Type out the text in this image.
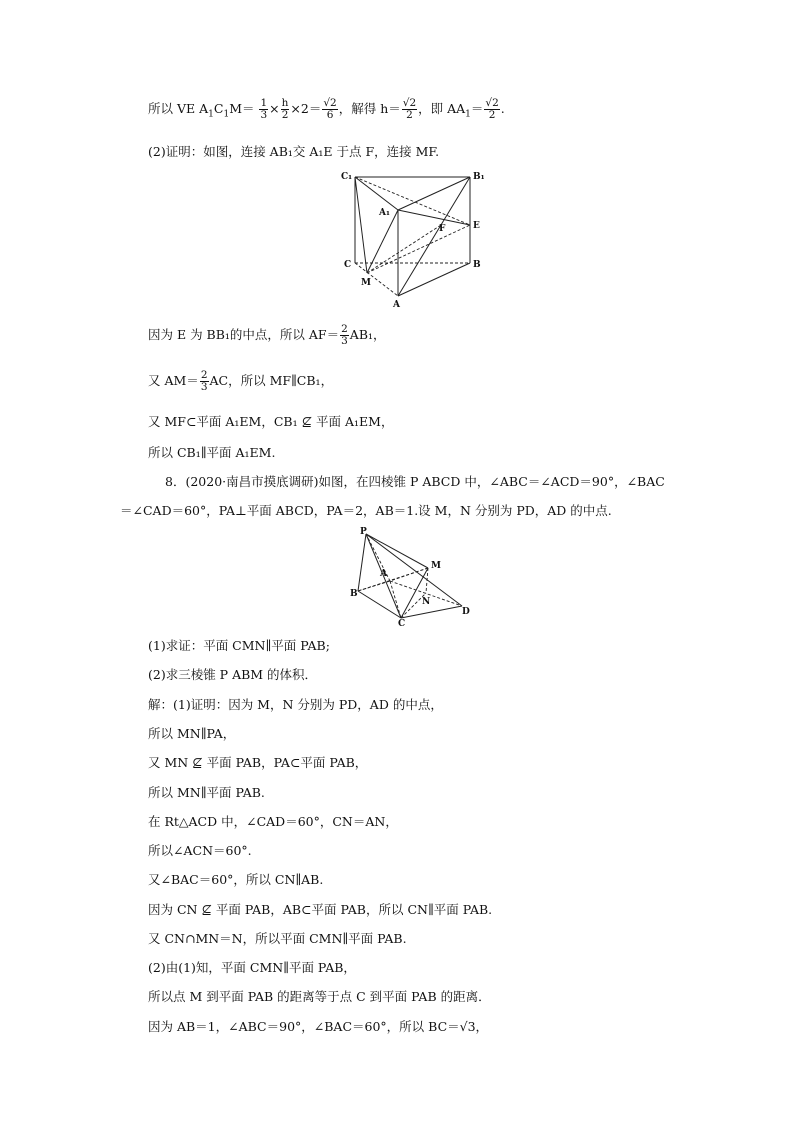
所以 VE $A_1C_1M= \frac{1}{3} \times \frac{h}{2} \times 2= \frac{√2}{6}$ ，解得 $h= \frac{√2}{2}$ ，即 $AA_1= \frac{√2}{2}$ .
(2)证明：如图，连接 AB₁交 A₁E 于点 F，连接 MF.
C₁	B₁
A₁
E
F
C	B
M
A
因为 E 为 BB₁的中点，所以 $AF= \frac{2}{3} AB_1$，
又 $AM= \frac{2}{3}$ AC，所以 MF∥CB₁，
又 MF⊂平面 A₁EM，CB₁ ⊈ 平面 A₁EM，
所以 CB₁∥平面 A₁EM.
8．(2020·南昌市摸底调研)如图，在四棱锥 P ABCD 中，∠ABC＝∠ACD＝90°，∠BAC
＝∠CAD＝60°，PA⊥平面 ABCD，PA＝2，AB＝1.设 M，N 分别为 PD，AD 的中点.
P
M
A
N
B
C
D
(1)求证：平面 CMN∥平面 PAB;
(2)求三棱锥 P ABM 的体积．
解：(1)证明：因为 M，N 分别为 PD，AD 的中点，
所以 MN∥PA，
又 MN ⊈ 平面 PAB，PA⊂平面 PAB，
所以 MN∥平面 PAB.
在 Rt△ACD 中，∠CAD＝60°，CN＝AN，
所以∠ACN＝60°.
又∠BAC＝60°，所以 CN∥AB.
因为 CN ⊈ 平面 PAB，AB⊂平面 PAB，所以 CN∥平面 PAB.
又 CN∩MN＝N，所以平面 CMN∥平面 PAB.
(2)由(1)知，平面 CMN∥平面 PAB，
所以点 M 到平面 PAB 的距离等于点 C 到平面 PAB 的距离．
因为 AB＝1，∠ABC＝90°，∠BAC＝60°，所以 BC＝√3，
